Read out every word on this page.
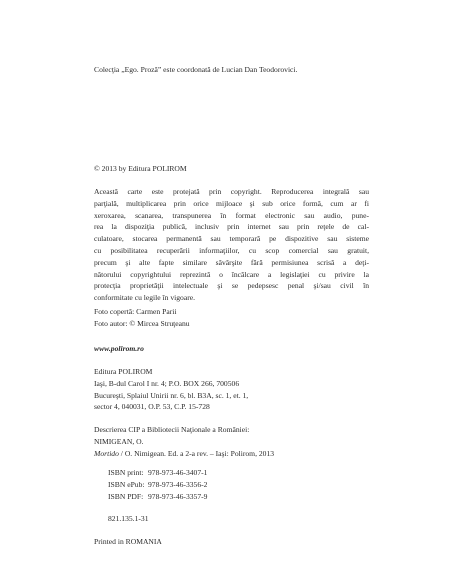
Colecţia „Ego. Proză” este coordonată de Lucian Dan Teodorovici.
© 2013 by Editura POLIROM
Această carte este protejată prin copyright. Reproducerea integrală sau
parţială, multiplicarea prin orice mijloace şi sub orice formă, cum ar fi
xeroxarea, scanarea, transpunerea în format electronic sau audio, pune-
rea la dispoziţia publică, inclusiv prin internet sau prin reţele de cal-
culatoare, stocarea permanentă sau temporară pe dispozitive sau sisteme
cu posibilitatea recuperării informaţiilor, cu scop comercial sau gratuit,
precum şi alte fapte similare săvârşite fără permisiunea scrisă a deţi-
nătorului copyrightului reprezintă o încălcare a legislaţiei cu privire la
protecţia proprietăţii intelectuale şi se pedepsesc penal şi/sau civil în
conformitate cu legile în vigoare.
Foto copertă: Carmen Parii
Foto autor: © Mircea Struţeanu
www.polirom.ro
Editura POLIROM
Iaşi, B-dul Carol I nr. 4; P.O. BOX 266, 700506
Bucureşti, Splaiul Unirii nr. 6, bl. B3A, sc. 1, et. 1,
sector 4, 040031, O.P. 53, C.P. 15-728
Descrierea CIP a Bibliotecii Naţionale a României:
NIMIGEAN, O.
Mortido / O. Nimigean. Ed. a 2-a rev. – Iaşi: Polirom, 2013
ISBN print: 978-973-46-3407-1
ISBN ePub: 978-973-46-3356-2
ISBN PDF: 978-973-46-3357-9
821.135.1-31
Printed in ROMANIA
